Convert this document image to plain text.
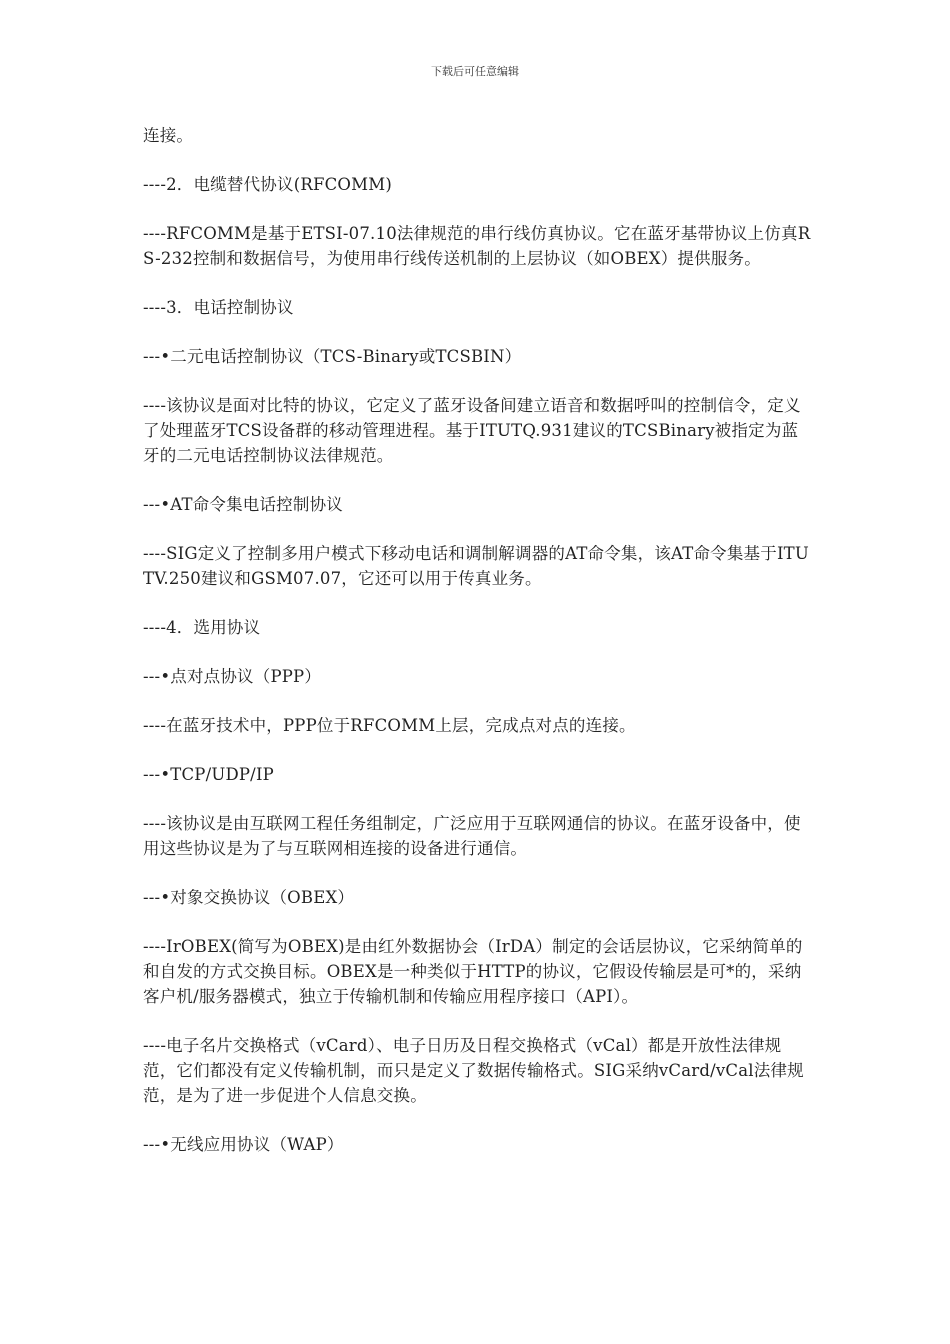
下载后可任意编辑

连接。

----2．电缆替代协议(RFCOMM)

----RFCOMM是基于ETSI-07.10法律规范的串行线仿真协议。它在蓝牙基带协议上仿真RS-232控制和数据信号，为使用串行线传送机制的上层协议（如OBEX）提供服务。

----3．电话控制协议

---•二元电话控制协议（TCS-Binary或TCSBIN）

----该协议是面对比特的协议，它定义了蓝牙设备间建立语音和数据呼叫的控制信令，定义了处理蓝牙TCS设备群的移动管理进程。基于ITUTQ.931建议的TCSBinary被指定为蓝牙的二元电话控制协议法律规范。

---•AT命令集电话控制协议

----SIG定义了控制多用户模式下移动电话和调制解调器的AT命令集，该AT命令集基于ITUTV.250建议和GSM07.07，它还可以用于传真业务。

----4．选用协议

---•点对点协议（PPP）

----在蓝牙技术中，PPP位于RFCOMM上层，完成点对点的连接。

---•TCP/UDP/IP

----该协议是由互联网工程任务组制定，广泛应用于互联网通信的协议。在蓝牙设备中，使用这些协议是为了与互联网相连接的设备进行通信。

---•对象交换协议（OBEX）

----IrOBEX(简写为OBEX)是由红外数据协会（IrDA）制定的会话层协议，它采纳简单的和自发的方式交换目标。OBEX是一种类似于HTTP的协议，它假设传输层是可*的，采纳客户机/服务器模式，独立于传输机制和传输应用程序接口（API）。

----电子名片交换格式（vCard）、电子日历及日程交换格式（vCal）都是开放性法律规范，它们都没有定义传输机制，而只是定义了数据传输格式。SIG采纳vCard/vCal法律规范，是为了进一步促进个人信息交换。

---•无线应用协议（WAP）
